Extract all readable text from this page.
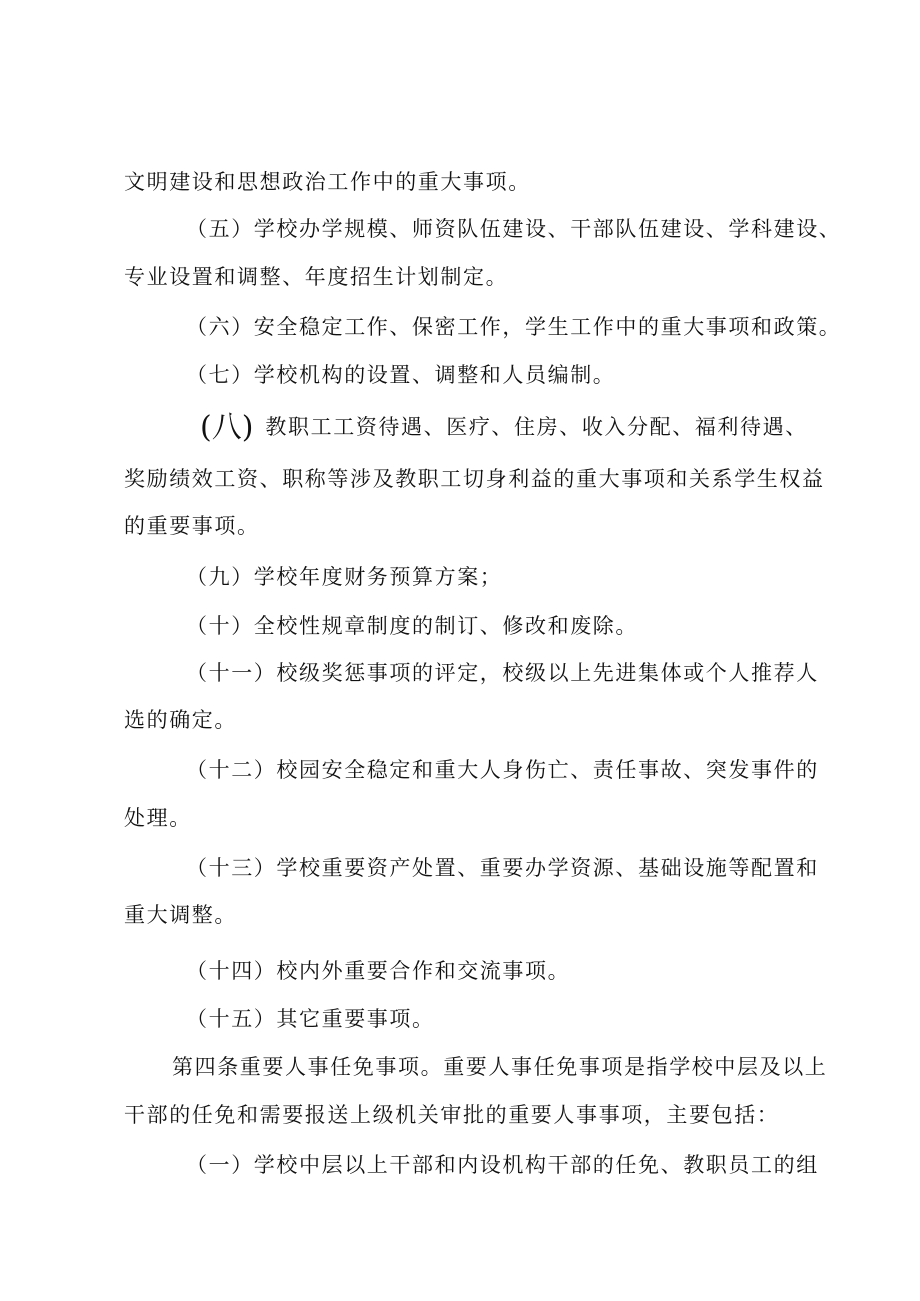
文明建设和思想政治工作中的重大事项。
（五）学校办学规模、师资队伍建设、干部队伍建设、学科建设、
专业设置和调整、年度招生计划制定。
（六）安全稳定工作、保密工作，学生工作中的重大事项和政策。
（七）学校机构的设置、调整和人员编制。
(八) 教职工工资待遇、医疗、住房、收入分配、福利待遇、
奖励绩效工资、职称等涉及教职工切身利益的重大事项和关系学生权益
的重要事项。
（九）学校年度财务预算方案；
（十）全校性规章制度的制订、修改和废除。
（十一）校级奖惩事项的评定，校级以上先进集体或个人推荐人
选的确定。
（十二）校园安全稳定和重大人身伤亡、责任事故、突发事件的
处理。
（十三）学校重要资产处置、重要办学资源、基础设施等配置和
重大调整。
（十四）校内外重要合作和交流事项。
（十五）其它重要事项。
第四条重要人事任免事项。重要人事任免事项是指学校中层及以上
干部的任免和需要报送上级机关审批的重要人事事项，主要包括：
（一）学校中层以上干部和内设机构干部的任免、教职员工的组
